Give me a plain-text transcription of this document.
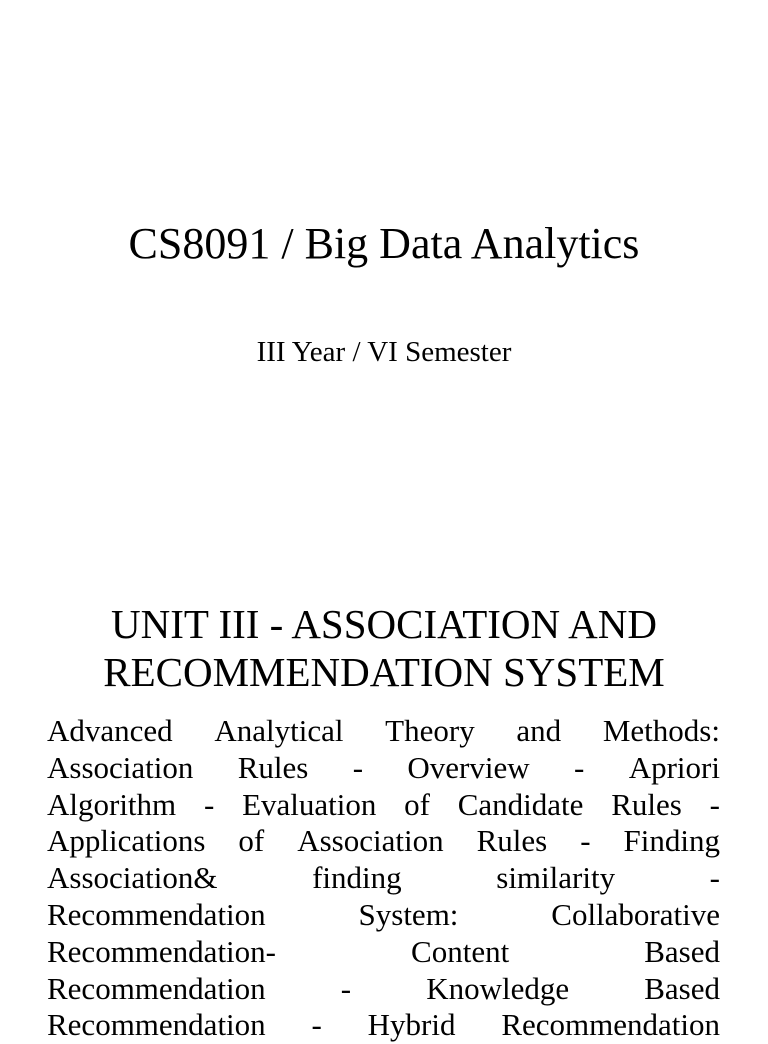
CS8091 / Big Data Analytics
III Year / VI Semester
UNIT III - ASSOCIATION AND
RECOMMENDATION SYSTEM
Advanced Analytical Theory and Methods:
Association Rules - Overview - Apriori
Algorithm - Evaluation of Candidate Rules -
Applications of Association Rules - Finding
Association&	finding	similarity	-
Recommendation	System:	Collaborative
Recommendation-	Content	Based
Recommendation - Knowledge Based
Recommendation - Hybrid Recommendation
